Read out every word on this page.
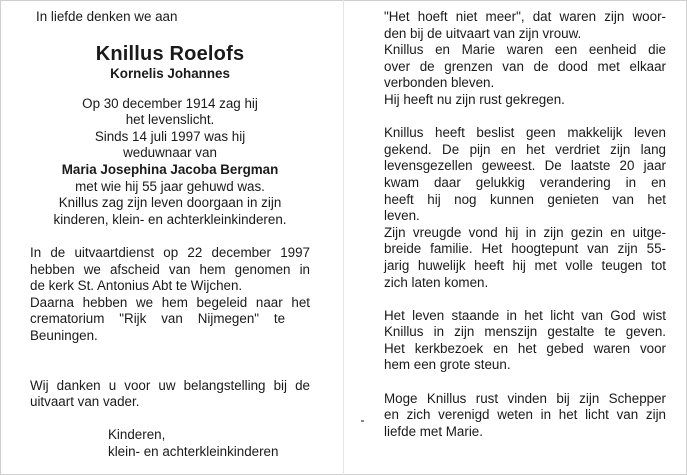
In liefde denken we aan
Knillus Roelofs
Kornelis Johannes
Op 30 december 1914 zag hij
het levenslicht.
Sinds 14 juli 1997 was hij
weduwnaar van
Maria Josephina Jacoba Bergman
met wie hij 55 jaar gehuwd was.
Knillus zag zijn leven doorgaan in zijn
kinderen, klein- en achterkleinkinderen.
In de uitvaartdienst op 22 december 1997
hebben we afscheid van hem genomen in
de kerk St. Antonius Abt te Wijchen.
Daarna hebben we hem begeleid naar het
crematorium    "Rijk    van    Nijmegen"    te
Beuningen.
Wij danken u voor uw belangstelling bij de
uitvaart van vader.
Kinderen,
klein- en achterkleinkinderen
"Het hoeft niet meer", dat waren zijn woor-
den bij de uitvaart van zijn vrouw.
Knillus en Marie waren een eenheid die
over de grenzen van de dood met elkaar
verbonden bleven.
Hij heeft nu zijn rust gekregen.
Knillus heeft beslist geen makkelijk leven
gekend. De pijn en het verdriet zijn lang
levensgezellen geweest. De laatste 20 jaar
kwam daar gelukkig verandering in en
heeft hij nog kunnen genieten van het
leven.
Zijn vreugde vond hij in zijn gezin en uitge-
breide familie. Het hoogtepunt van zijn 55-
jarig huwelijk heeft hij met volle teugen tot
zich laten komen.
Het leven staande in het licht van God wist
Knillus in zijn menszijn gestalte te geven.
Het kerkbezoek en het gebed waren voor
hem een grote steun.
Moge Knillus rust vinden bij zijn Schepper
en zich verenigd weten in het licht van zijn
liefde met Marie.
